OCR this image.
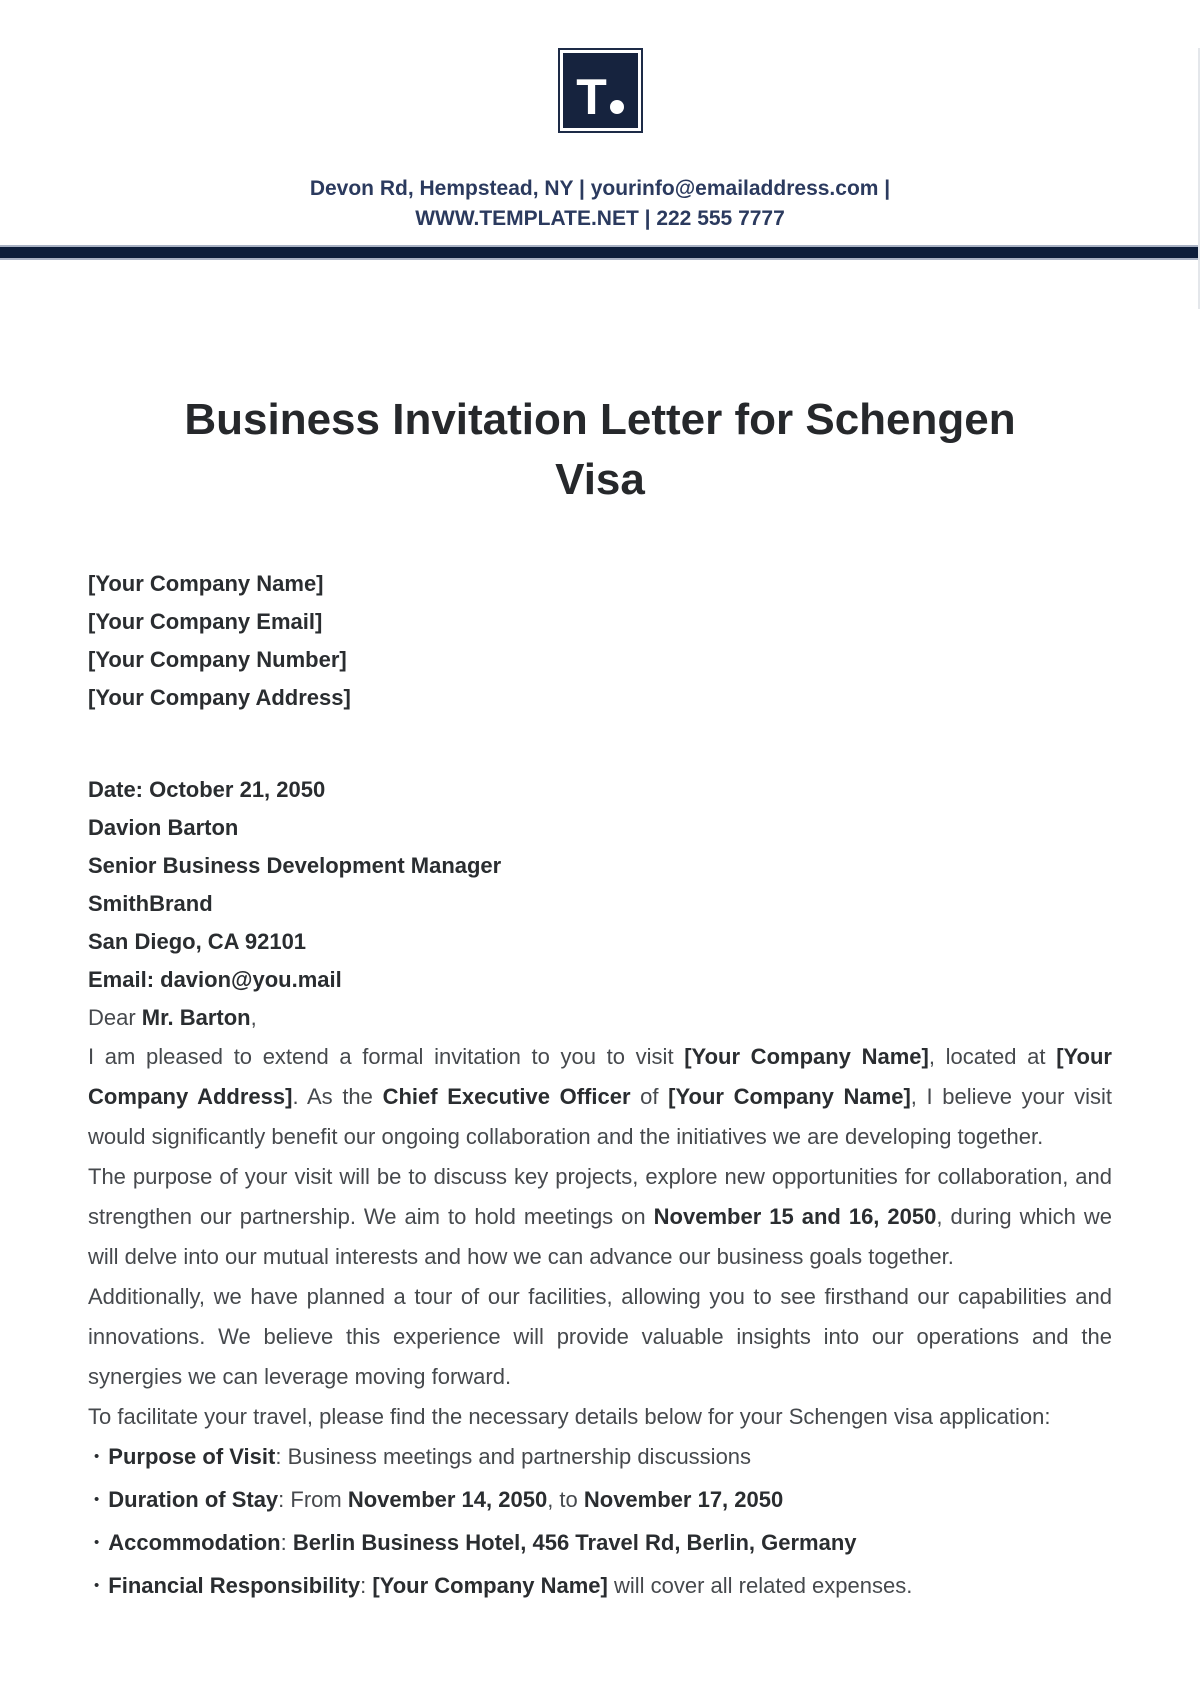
T
Devon Rd, Hempstead, NY | yourinfo@emailaddress.com |
WWW.TEMPLATE.NET | 222 555 7777
Business Invitation Letter for Schengen Visa

[Your Company Name]

[Your Company Email]

[Your Company Number]

[Your Company Address]

Date: October 21, 2050

Davion Barton

Senior Business Development Manager

SmithBrand

San Diego, CA 92101

Email: davion@you.mail

Dear Mr. Barton,

I am pleased to extend a formal invitation to you to visit [Your Company Name], located at [Your Company Address]. As the Chief Executive Officer of [Your Company Name], I believe your visit would significantly benefit our ongoing collaboration and the initiatives we are developing together.

The purpose of your visit will be to discuss key projects, explore new opportunities for collaboration, and strengthen our partnership. We aim to hold meetings on November 15 and 16, 2050, during which we will delve into our mutual interests and how we can advance our business goals together.

Additionally, we have planned a tour of our facilities, allowing you to see firsthand our capabilities and innovations. We believe this experience will provide valuable insights into our operations and the synergies we can leverage moving forward.

To facilitate your travel, please find the necessary details below for your Schengen visa application:

• Purpose of Visit: Business meetings and partnership discussions
• Duration of Stay: From November 14, 2050, to November 17, 2050
• Accommodation: Berlin Business Hotel, 456 Travel Rd, Berlin, Germany
• Financial Responsibility: [Your Company Name] will cover all related expenses.
